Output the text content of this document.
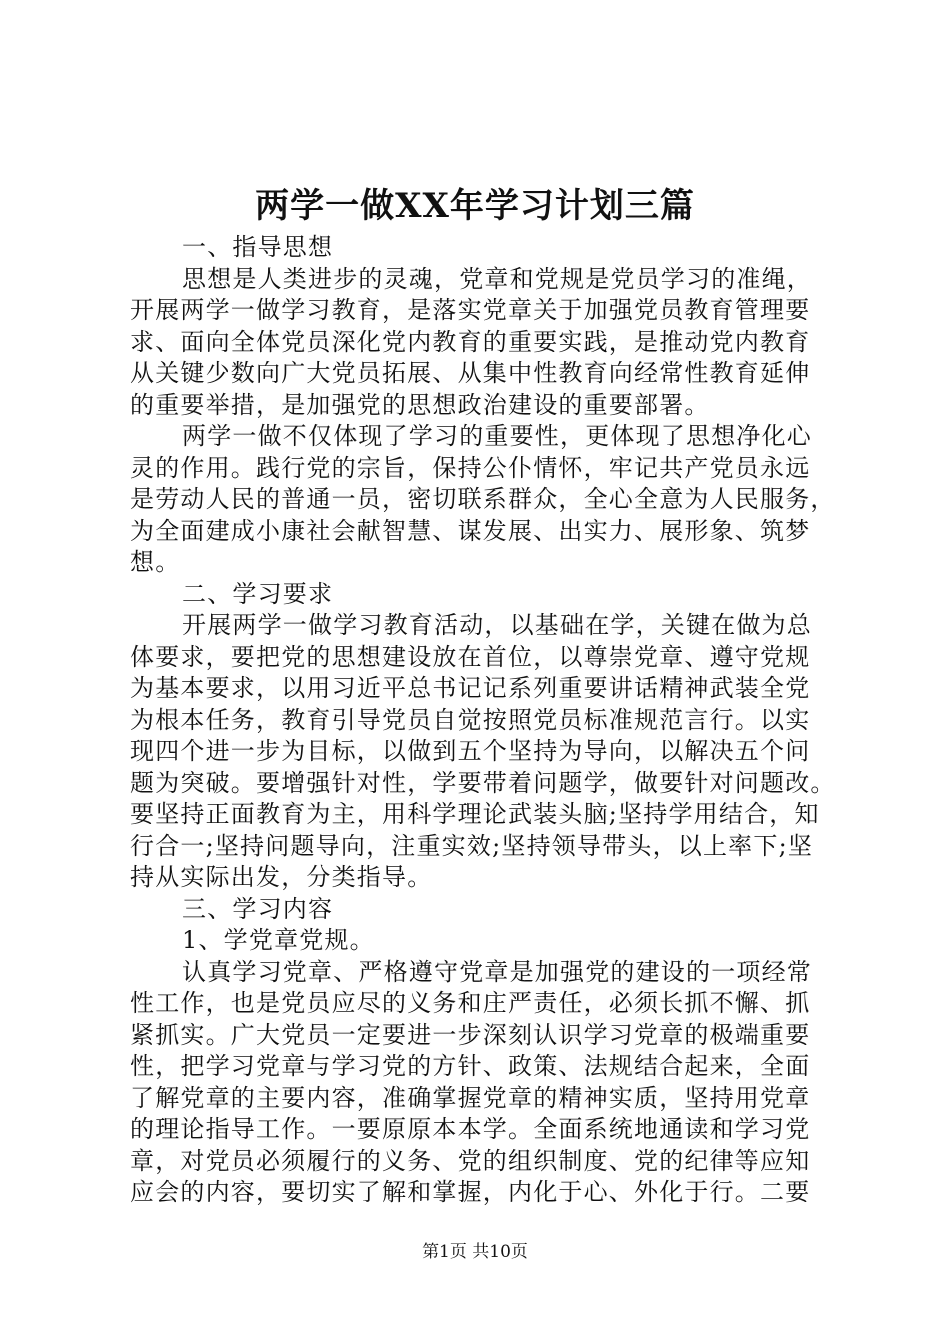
两学一做XX年学习计划三篇
一、指导思想
思想是人类进步的灵魂，党章和党规是党员学习的准绳，
开展两学一做学习教育，是落实党章关于加强党员教育管理要
求、面向全体党员深化党内教育的重要实践，是推动党内教育
从关键少数向广大党员拓展、从集中性教育向经常性教育延伸
的重要举措，是加强党的思想政治建设的重要部署。
两学一做不仅体现了学习的重要性，更体现了思想净化心
灵的作用。践行党的宗旨，保持公仆情怀，牢记共产党员永远
是劳动人民的普通一员，密切联系群众，全心全意为人民服务，
为全面建成小康社会献智慧、谋发展、出实力、展形象、筑梦
想。
二、学习要求
开展两学一做学习教育活动，以基础在学，关键在做为总
体要求，要把党的思想建设放在首位，以尊崇党章、遵守党规
为基本要求，以用习近平总书记记系列重要讲话精神武装全党
为根本任务，教育引导党员自觉按照党员标准规范言行。以实
现四个进一步为目标，以做到五个坚持为导向，以解决五个问
题为突破。要增强针对性，学要带着问题学，做要针对问题改。
要坚持正面教育为主，用科学理论武装头脑;坚持学用结合，知
行合一;坚持问题导向，注重实效;坚持领导带头，以上率下;坚
持从实际出发，分类指导。
三、学习内容
1、学党章党规。
认真学习党章、严格遵守党章是加强党的建设的一项经常
性工作，也是党员应尽的义务和庄严责任，必须长抓不懈、抓
紧抓实。广大党员一定要进一步深刻认识学习党章的极端重要
性，把学习党章与学习党的方针、政策、法规结合起来，全面
了解党章的主要内容，准确掌握党章的精神实质，坚持用党章
的理论指导工作。一要原原本本学。全面系统地通读和学习党
章，对党员必须履行的义务、党的组织制度、党的纪律等应知
应会的内容，要切实了解和掌握，内化于心、外化于行。二要
第1页 共10页
